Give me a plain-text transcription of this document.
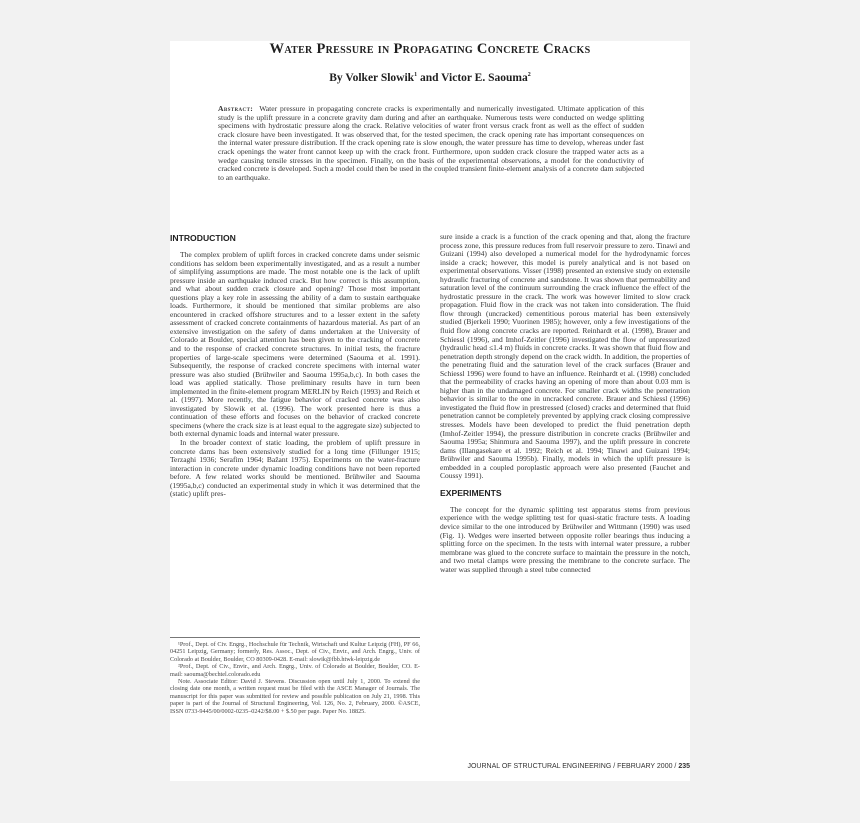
Water Pressure in Propagating Concrete Cracks
By Volker Slowik$^1$ and Victor E. Saouma$^2$
Abstract: Water pressure in propagating concrete cracks is experimentally and numerically investigated. Ultimate application of this study is the uplift pressure in a concrete gravity dam during and after an earthquake. Numerous tests were conducted on wedge splitting specimens with hydrostatic pressure along the crack. Relative velocities of water front versus crack front as well as the effect of sudden crack closure have been investigated. It was observed that, for the tested specimen, the crack opening rate has important consequences on the internal water pressure distribution. If the crack opening rate is slow enough, the water pressure has time to develop, whereas under fast crack openings the water front cannot keep up with the crack front. Furthermore, upon sudden crack closure the trapped water acts as a wedge causing tensile stresses in the specimen. Finally, on the basis of the experimental observations, a model for the conductivity of cracked concrete is developed. Such a model could then be used in the coupled transient finite-element analysis of a concrete dam subjected to an earthquake.
INTRODUCTION

The complex problem of uplift forces in cracked concrete dams under seismic conditions has seldom been experimentally investigated, and as a result a number of simplifying assumptions are made. The most notable one is the lack of uplift pressure inside an earthquake induced crack. But how correct is this assumption, and what about sudden crack closure and opening? Those most important questions play a key role in assessing the ability of a dam to sustain earthquake loads. Furthermore, it should be mentioned that similar problems are also encountered in cracked offshore structures and to a lesser extent in the safety assessment of cracked concrete containments of hazardous material. As part of an extensive investigation on the safety of dams undertaken at the University of Colorado at Boulder, special attention has been given to the cracking of concrete and to the response of cracked concrete structures. In initial tests, the fracture properties of large-scale specimens were determined (Saouma et al. 1991). Subsequently, the response of cracked concrete specimens with internal water pressure was also studied (Brühwiler and Saouma 1995a,b,c). In both cases the load was applied statically. Those preliminary results have in turn been implemented in the finite-element program MERLIN by Reich (1993) and Reich et al. (1997). More recently, the fatigue behavior of cracked concrete was also investigated by Slowik et al. (1996). The work presented here is thus a continuation of these efforts and focuses on the behavior of cracked concrete specimens (where the crack size is at least equal to the aggregate size) subjected to both external dynamic loads and internal water pressure.

In the broader context of static loading, the problem of uplift pressure in concrete dams has been extensively studied for a long time (Fillunger 1915; Terzaghi 1936; Serafim 1964; Bažant 1975). Experiments on the water-fracture interaction in concrete under dynamic loading conditions have not been reported before. A few related works should be mentioned. Brühwiler and Saouma (1995a,b,c) conducted an experimental study in which it was determined that the (static) uplift pres-

¹Prof., Dept. of Civ. Engrg., Hochschule für Technik, Wirtschaft und Kultur Leipzig (FH), PF 66, 04251 Leipzig, Germany; formerly, Res. Assoc., Dept. of Civ., Envir., and Arch. Engrg., Univ. of Colorado at Boulder, Boulder, CO 80309-0428. E-mail: slowik@fbb.htwk-leipzig.de

²Prof., Dept. of Civ., Envir., and Arch. Engrg., Univ. of Colorado at Boulder, Boulder, CO. E-mail: saouma@bechtel.colorado.edu

Note. Associate Editor: David J. Stevens. Discussion open until July 1, 2000. To extend the closing date one month, a written request must be filed with the ASCE Manager of Journals. The manuscript for this paper was submitted for review and possible publication on July 21, 1998. This paper is part of the Journal of Structural Engineering, Vol. 126, No. 2, February, 2000. ©ASCE, ISSN 0733-9445/00/0002-0235–0242/$8.00 + $.50 per page. Paper No. 18825.

sure inside a crack is a function of the crack opening and that, along the fracture process zone, this pressure reduces from full reservoir pressure to zero. Tinawi and Guizani (1994) also developed a numerical model for the hydrodynamic forces inside a crack; however, this model is purely analytical and is not based on experimental observations. Visser (1998) presented an extensive study on extensile hydraulic fracturing of concrete and sandstone. It was shown that permeability and saturation level of the continuum surrounding the crack influence the effect of the hydrostatic pressure in the crack. The work was however limited to slow crack propagation. Fluid flow in the crack was not taken into consideration. The fluid flow through (uncracked) cementitious porous material has been extensively studied (Bjerkeli 1990; Vuorinen 1985); however, only a few investigations of the fluid flow along concrete cracks are reported. Reinhardt et al. (1998), Brauer and Schiessl (1996), and Imhof-Zeitler (1996) investigated the flow of unpressurized (hydraulic head ≤1.4 m) fluids in concrete cracks. It was shown that fluid flow and penetration depth strongly depend on the crack width. In addition, the properties of the penetrating fluid and the saturation level of the crack surfaces (Brauer and Schiessl 1996) were found to have an influence. Reinhardt et al. (1998) concluded that the permeability of cracks having an opening of more than about 0.03 mm is higher than in the undamaged concrete. For smaller crack widths the penetration behavior is similar to the one in uncracked concrete. Brauer and Schiessl (1996) investigated the fluid flow in prestressed (closed) cracks and determined that fluid penetration cannot be completely prevented by applying crack closing compressive stresses. Models have been developed to predict the fluid penetration depth (Imhof-Zeitler 1994), the pressure distribution in concrete cracks (Brühwiler and Saouma 1995a; Shinmura and Saouma 1997), and the uplift pressure in concrete dams (Illangasekare et al. 1992; Reich et al. 1994; Tinawi and Guizani 1994; Brühwiler and Saouma 1995b). Finally, models in which the uplift pressure is embedded in a coupled poroplastic approach were also presented (Fauchet and Coussy 1991).

EXPERIMENTS

The concept for the dynamic splitting test apparatus stems from previous experience with the wedge splitting test for quasi-static fracture tests. A loading device similar to the one introduced by Brühwiler and Wittmann (1990) was used (Fig. 1). Wedges were inserted between opposite roller bearings thus inducing a splitting force on the specimen. In the tests with internal water pressure, a rubber membrane was glued to the concrete surface to maintain the pressure in the notch, and two metal clamps were pressing the membrane to the concrete surface. The water was supplied through a steel tube connected

JOURNAL OF STRUCTURAL ENGINEERING / FEBRUARY 2000 / 235
